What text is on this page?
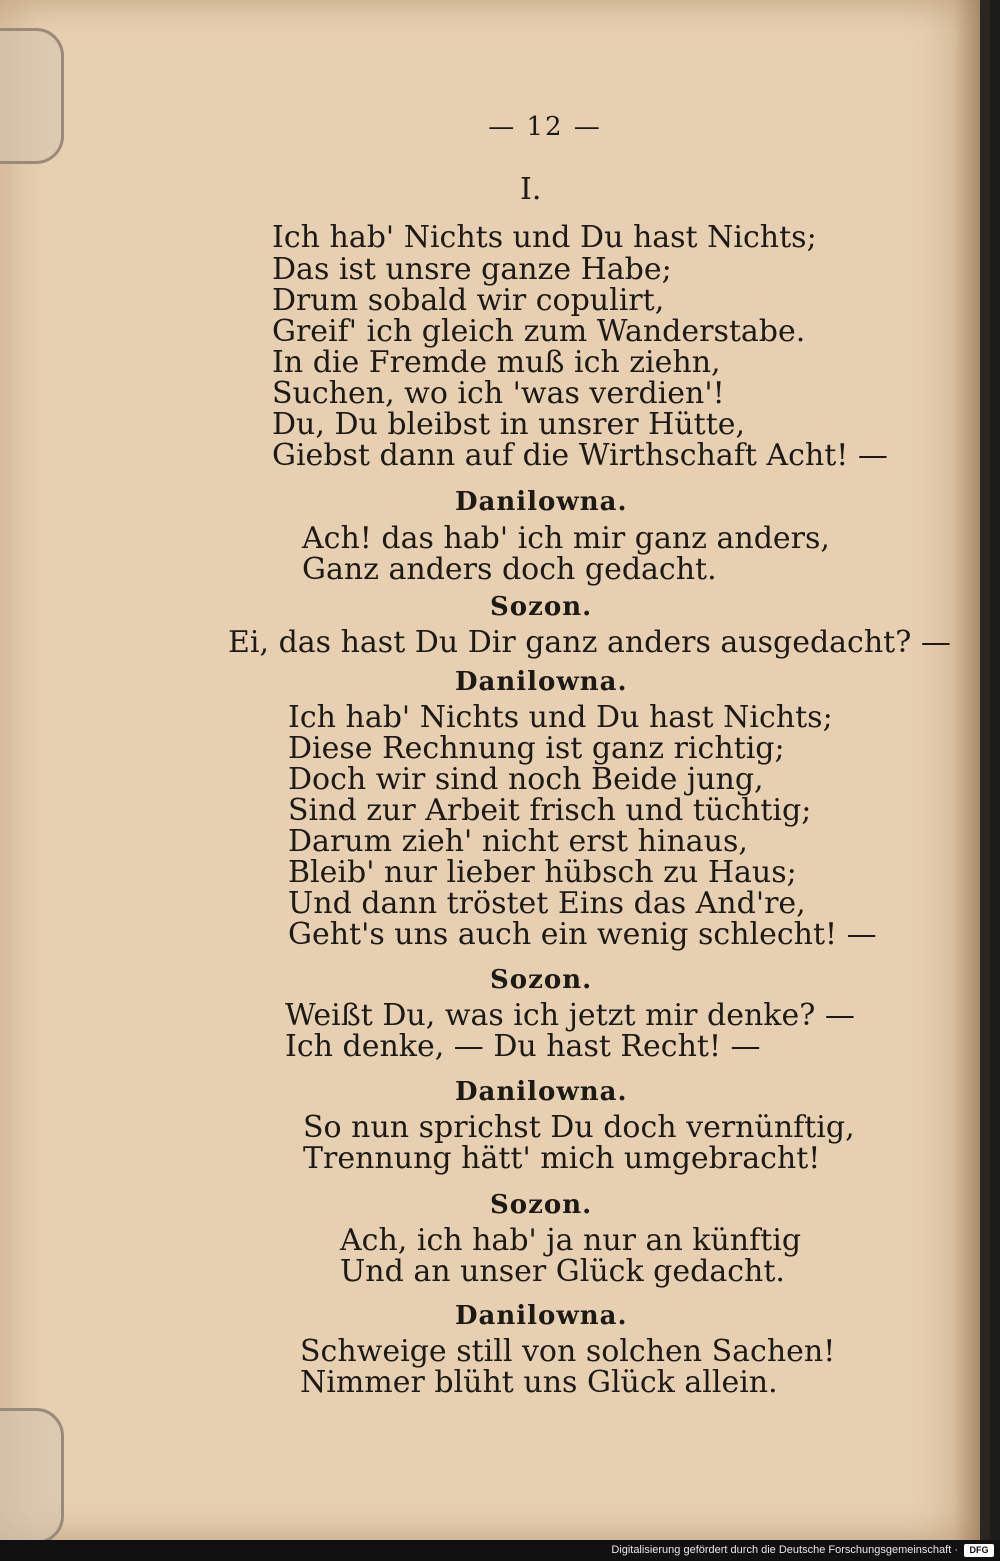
— 12 —
I.
Ich hab' Nichts und Du hast Nichts;
Das ist unsre ganze Habe;
Drum sobald wir copulirt,
Greif' ich gleich zum Wanderstabe.
In die Fremde muß ich ziehn,
Suchen, wo ich 'was verdien'!
Du, Du bleibst in unsrer Hütte,
Giebst dann auf die Wirthschaft Acht! —
Danilowna.
Ach! das hab' ich mir ganz anders,
Ganz anders doch gedacht.
Sozon.
Ei, das hast Du Dir ganz anders ausgedacht? —
Danilowna.
Ich hab' Nichts und Du hast Nichts;
Diese Rechnung ist ganz richtig;
Doch wir sind noch Beide jung,
Sind zur Arbeit frisch und tüchtig;
Darum zieh' nicht erst hinaus,
Bleib' nur lieber hübsch zu Haus;
Und dann tröstet Eins das And're,
Geht's uns auch ein wenig schlecht! —
Sozon.
Weißt Du, was ich jetzt mir denke? —
Ich denke, — Du hast Recht! —
Danilowna.
So nun sprichst Du doch vernünftig,
Trennung hätt' mich umgebracht!
Sozon.
Ach, ich hab' ja nur an künftig
Und an unser Glück gedacht.
Danilowna.
Schweige still von solchen Sachen!
Nimmer blüht uns Glück allein.
Digitalisierung gefördert durch die Deutsche Forschungsgemeinschaft ·	DFG
